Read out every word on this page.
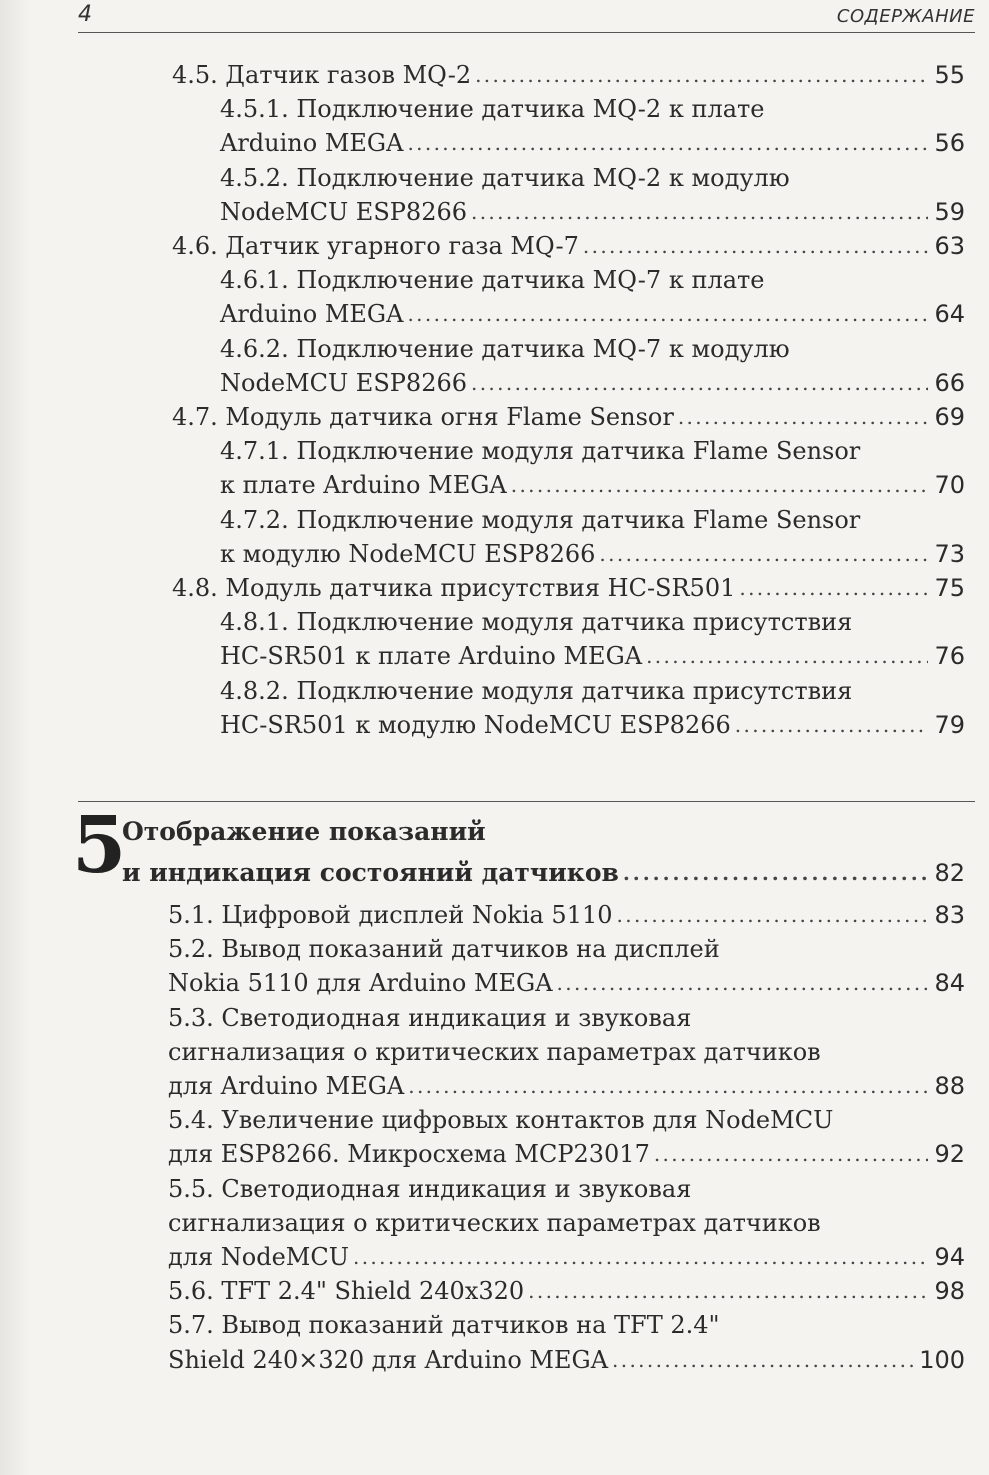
4	СОДЕРЖАНИЕ
4.5. Датчик газов MQ-2 . . .	55
4.5.1. Подключение датчика MQ-2 к плате
Arduino MEGA . . .	56
4.5.2. Подключение датчика MQ-2 к модулю
NodeMCU ESP8266 . . .	59
4.6. Датчик угарного газа MQ-7 . . .	63
4.6.1. Подключение датчика MQ-7 к плате
Arduino MEGA . . .	64
4.6.2. Подключение датчика MQ-7 к модулю
NodeMCU ESP8266 . . .	66
4.7. Модуль датчика огня Flame Sensor . . .	69
4.7.1. Подключение модуля датчика Flame Sensor
к плате Arduino MEGA . . .	70
4.7.2. Подключение модуля датчика Flame Sensor
к модулю NodeMCU ESP8266 . . .	73
4.8. Модуль датчика присутствия HC-SR501 . . .	75
4.8.1. Подключение модуля датчика присутствия
HC-SR501 к плате Arduino MEGA . . .	76
4.8.2. Подключение модуля датчика присутствия
HC-SR501 к модулю NodeMCU ESP8266 . . .	79
5
Отображение показаний
и индикация состояний датчиков . . .	82
5.1. Цифровой дисплей Nokia 5110 . . .	83
5.2. Вывод показаний датчиков на дисплей
Nokia 5110 для Arduino MEGA . . .	84
5.3. Светодиодная индикация и звуковая
сигнализация о критических параметрах датчиков
для Arduino MEGA . . .	88
5.4. Увеличение цифровых контактов для NodeMCU
для ESP8266. Микросхема MCP23017 . . .	92
5.5. Светодиодная индикация и звуковая
сигнализация о критических параметрах датчиков
для NodeMCU . . .	94
5.6. TFT 2.4" Shield 240x320 . . .	98
5.7. Вывод показаний датчиков на TFT 2.4"
Shield 240×320 для Arduino MEGA . . .	100
